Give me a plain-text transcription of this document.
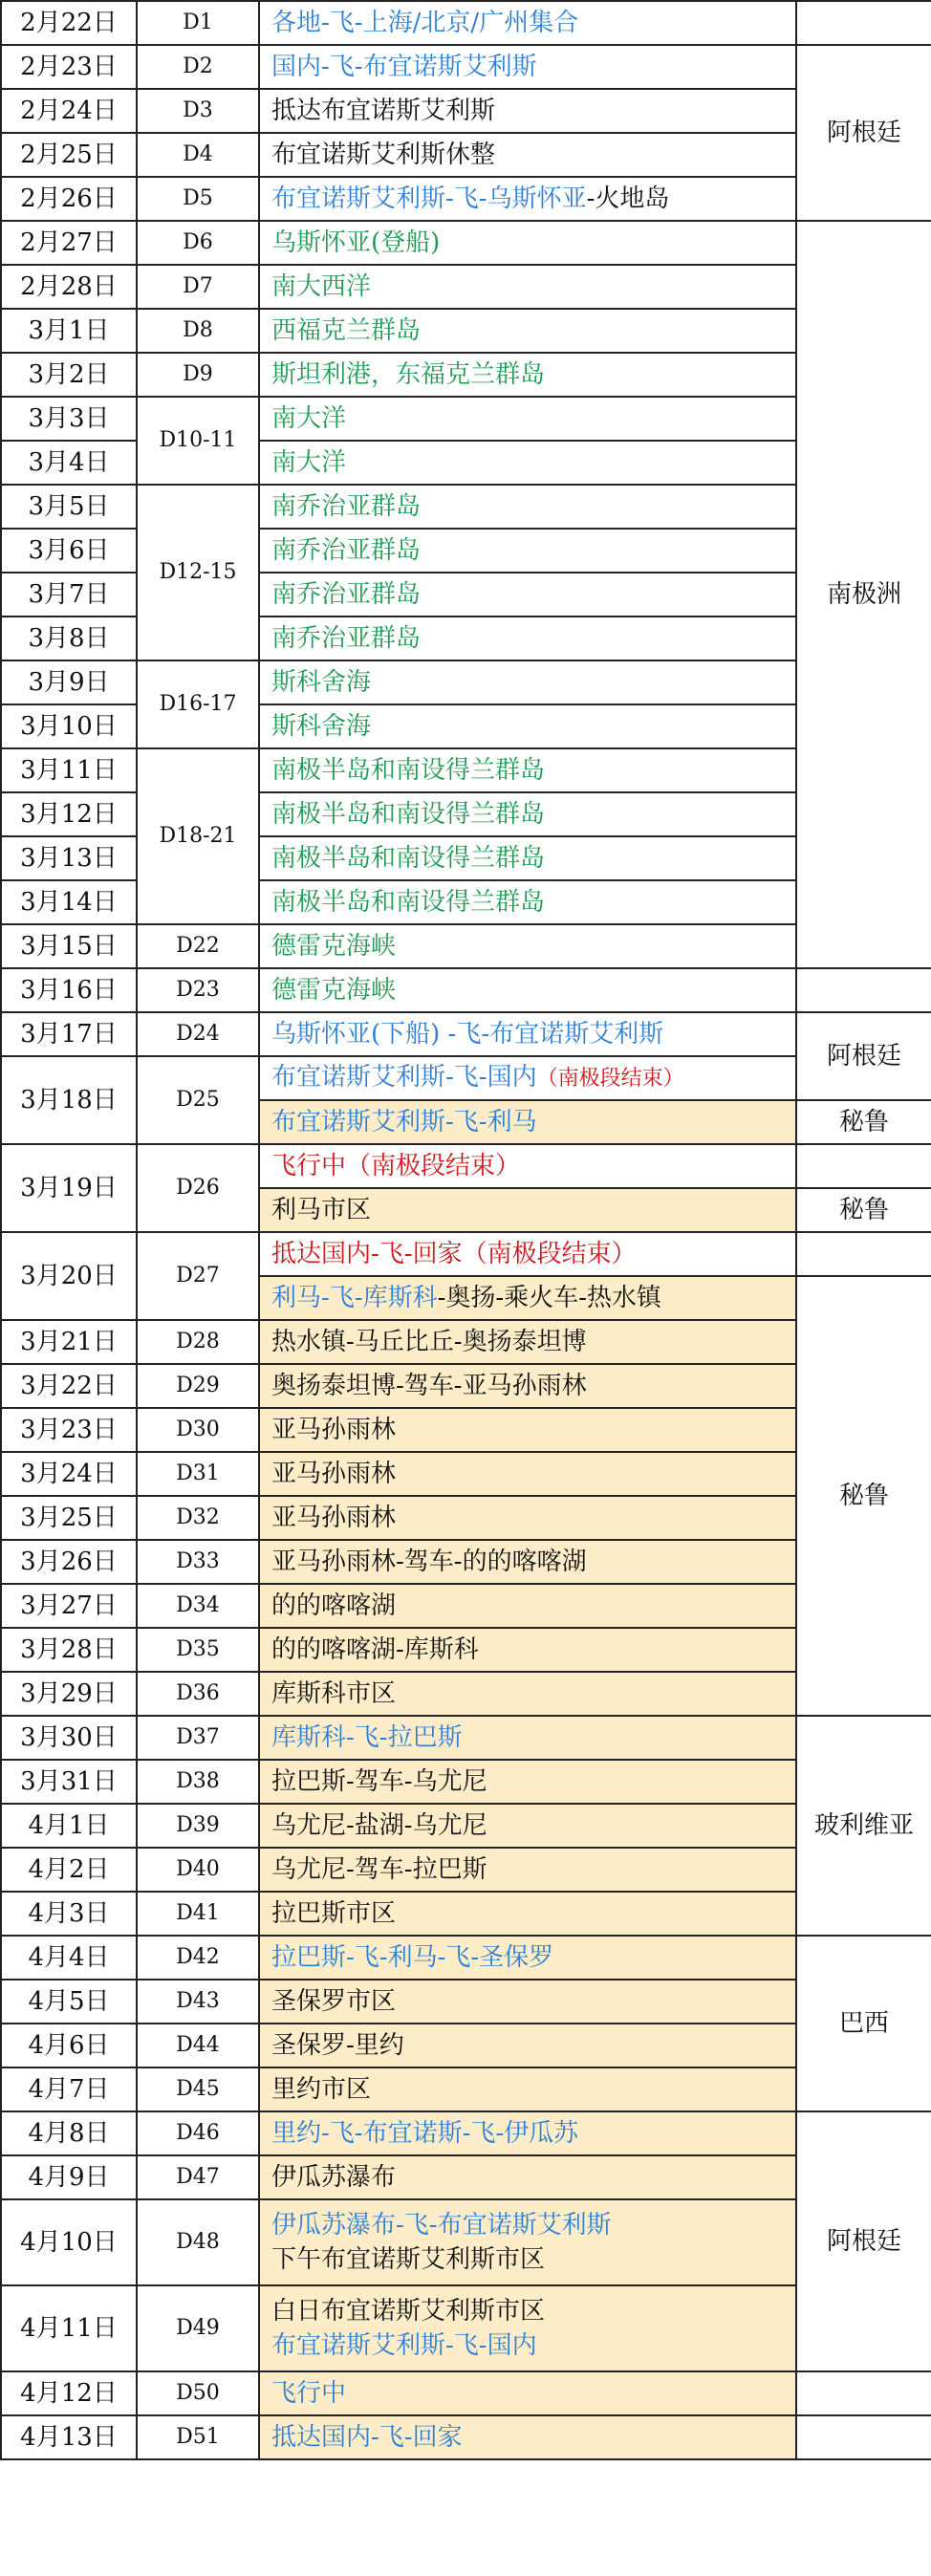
2月22日	D1	各地-飞-上海/北京/广州集合	

2月23日	D2	国内-飞-布宜诺斯艾利斯	阿根廷
2月24日	D3	抵达布宜诺斯艾利斯	

2月25日	D4	布宜诺斯艾利斯休整	

2月26日	D5	布宜诺斯艾利斯-飞-乌斯怀亚-火地岛	

2月27日	D6	乌斯怀亚(登船)	南极洲
2月28日	D7	南大西洋	

3月1日	D8	西福克兰群岛	

3月2日	D9	斯坦利港，东福克兰群岛	

3月3日	D10-11	南大洋	

3月4日		南大洋	

3月5日	D12-15	南乔治亚群岛	

3月6日		南乔治亚群岛	

3月7日		南乔治亚群岛	

3月8日		南乔治亚群岛	

3月9日	D16-17	斯科舍海	

3月10日		斯科舍海	

3月11日	D18-21	南极半岛和南设得兰群岛	

3月12日		南极半岛和南设得兰群岛	

3月13日		南极半岛和南设得兰群岛	

3月14日		南极半岛和南设得兰群岛	

3月15日	D22	德雷克海峡	

3月16日	D23	德雷克海峡	

3月17日	D24	乌斯怀亚(下船) -飞-布宜诺斯艾利斯	阿根廷
3月18日	D25	布宜诺斯艾利斯-飞-国内（南极段结束）	

		布宜诺斯艾利斯-飞-利马	秘鲁
3月19日	D26	飞行中（南极段结束）	

		利马市区	秘鲁
3月20日	D27	抵达国内-飞-回家（南极段结束）	

		利马-飞-库斯科-奥扬-乘火车-热水镇	秘鲁
3月21日	D28	热水镇-马丘比丘-奥扬泰坦博	

3月22日	D29	奥扬泰坦博-驾车-亚马孙雨林	

3月23日	D30	亚马孙雨林	

3月24日	D31	亚马孙雨林	

3月25日	D32	亚马孙雨林	

3月26日	D33	亚马孙雨林-驾车-的的喀喀湖	

3月27日	D34	的的喀喀湖	

3月28日	D35	的的喀喀湖-库斯科	

3月29日	D36	库斯科市区	

3月30日	D37	库斯科-飞-拉巴斯	玻利维亚
3月31日	D38	拉巴斯-驾车-乌尤尼	

4月1日	D39	乌尤尼-盐湖-乌尤尼	

4月2日	D40	乌尤尼-驾车-拉巴斯	

4月3日	D41	拉巴斯市区	

4月4日	D42	拉巴斯-飞-利马-飞-圣保罗	巴西
4月5日	D43	圣保罗市区	

4月6日	D44	圣保罗-里约	

4月7日	D45	里约市区	

4月8日	D46	里约-飞-布宜诺斯-飞-伊瓜苏	阿根廷
4月9日	D47	伊瓜苏瀑布	

4月10日	D48	伊瓜苏瀑布-飞-布宜诺斯艾利斯
下午布宜诺斯艾利斯市区	

4月11日	D49	白日布宜诺斯艾利斯市区
布宜诺斯艾利斯-飞-国内	

4月12日	D50	飞行中	

4月13日	D51	抵达国内-飞-回家	
